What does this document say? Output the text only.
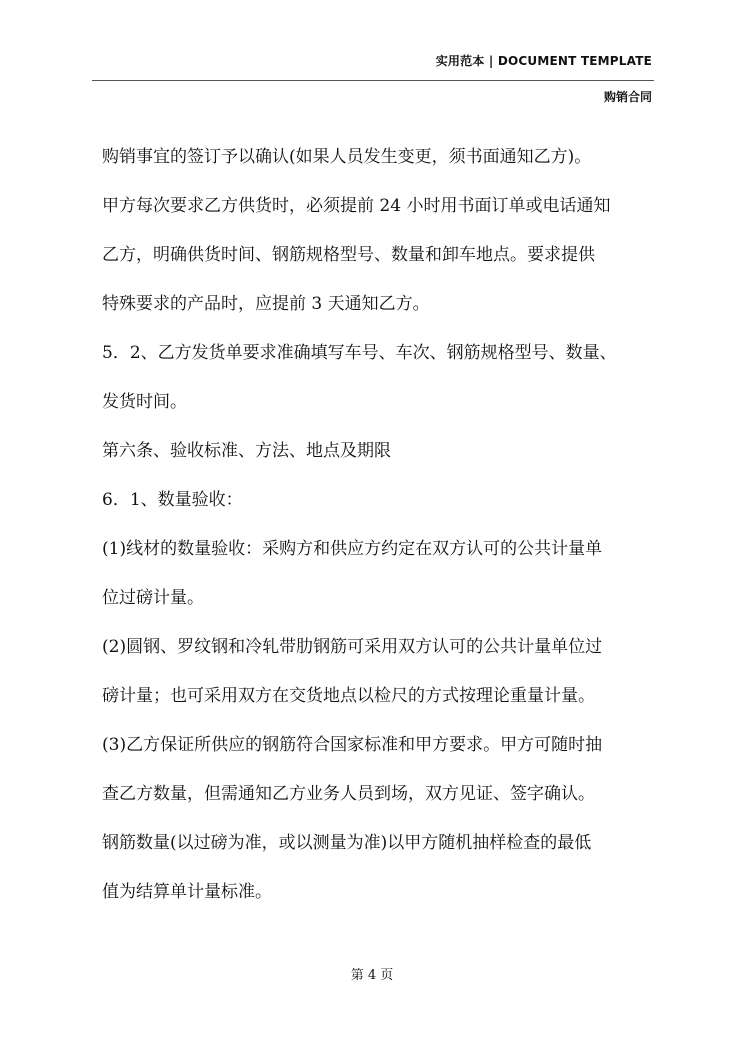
实用范本 | DOCUMENT TEMPLATE
购销合同
购销事宜的签订予以确认(如果人员发生变更，须书面通知乙方)。
甲方每次要求乙方供货时，必须提前 24 小时用书面订单或电话通知
乙方，明确供货时间、钢筋规格型号、数量和卸车地点。要求提供
特殊要求的产品时，应提前 3 天通知乙方。
5．2、乙方发货单要求准确填写车号、车次、钢筋规格型号、数量、
发货时间。
第六条、验收标准、方法、地点及期限
6．1、数量验收：
(1)线材的数量验收：采购方和供应方约定在双方认可的公共计量单
位过磅计量。
(2)圆钢、罗纹钢和冷轧带肋钢筋可采用双方认可的公共计量单位过
磅计量；也可采用双方在交货地点以检尺的方式按理论重量计量。
(3)乙方保证所供应的钢筋符合国家标准和甲方要求。甲方可随时抽
查乙方数量，但需通知乙方业务人员到场，双方见证、签字确认。
钢筋数量(以过磅为准，或以测量为准)以甲方随机抽样检查的最低
值为结算单计量标准。
第 4 页
